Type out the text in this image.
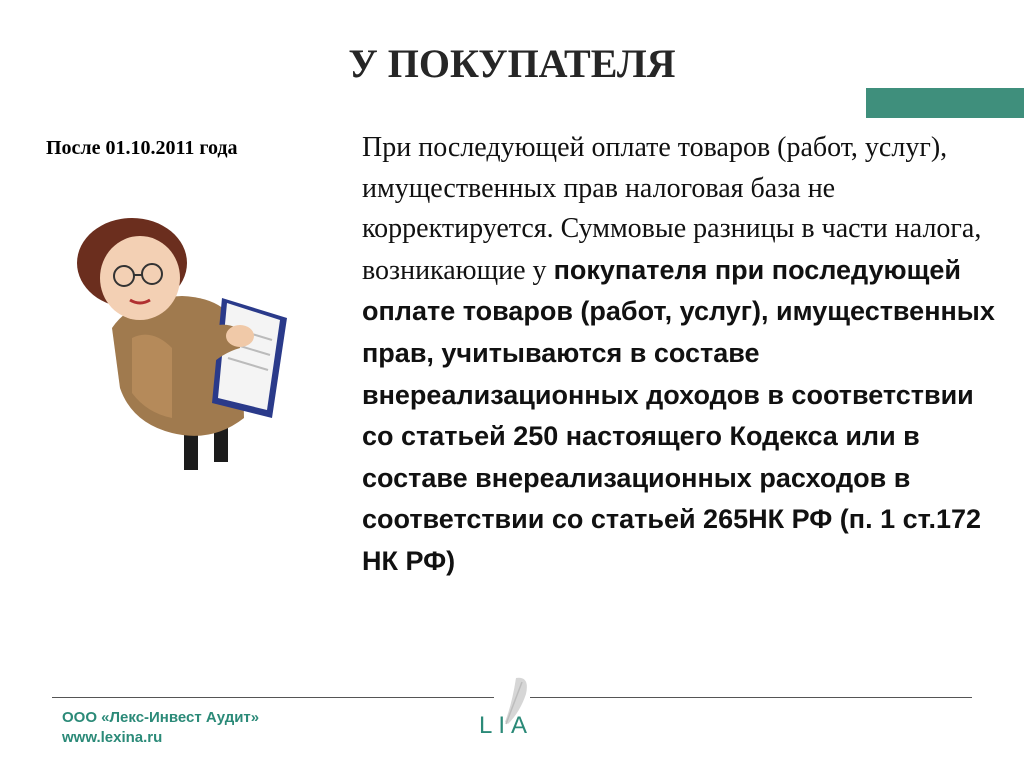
У ПОКУПАТЕЛЯ
После 01.10.2011 года	При последующей оплате товаров (работ, услуг), имущественных прав налоговая база не корректируется. Суммовые разницы в части налога, возникающие у покупателя при последующей оплате товаров (работ, услуг), имущественных прав, учитываются в составе внереализационных доходов в соответствии со статьей 250 настоящего Кодекса или в составе внереализационных расходов в соответствии со статьей 265НК РФ (п. 1 ст.172 НК РФ)
ООО «Лекс-Инвест Аудит»
www.lexina.ru	LIA
